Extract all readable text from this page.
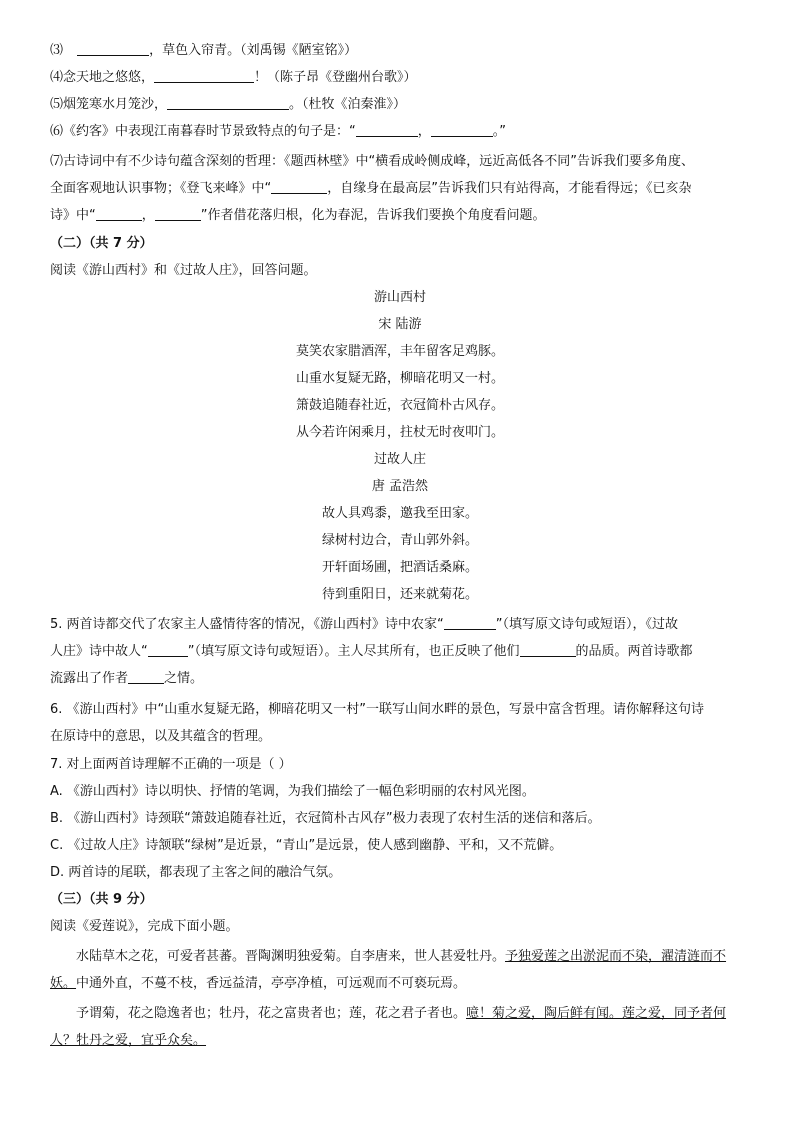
⑶	，草色入帘青。（刘禹锡《陋室铭》）
⑷念天地之悠悠，	！（陈子昂《登幽州台歌》）
⑸烟笼寒水月笼沙，	。（杜牧《泊秦淮》）
⑹《约客》中表现江南暮春时节景致特点的句子是：“	，	。”
⑺古诗词中有不少诗句蕴含深刻的哲理：《题西林壁》中“横看成岭侧成峰，远近高低各不同”告诉我们要多角度、
全面客观地认识事物；《登飞来峰》中“	，自缘身在最高层”告诉我们只有站得高，才能看得远；《已亥杂
诗》中“	，	”作者借花落归根，化为春泥，告诉我们要换个角度看问题。
（二）（共 7 分）
阅读《游山西村》和《过故人庄》，回答问题。
游山西村
宋 陆游
莫笑农家腊酒浑，丰年留客足鸡豚。
山重水复疑无路，柳暗花明又一村。
箫鼓追随春社近，衣冠简朴古风存。
从今若许闲乘月，拄杖无时夜叩门。
过故人庄
唐 孟浩然
故人具鸡黍，邀我至田家。
绿树村边合，青山郭外斜。
开轩面场圃，把酒话桑麻。
待到重阳日，还来就菊花。
5. 两首诗都交代了农家主人盛情待客的情况，《游山西村》诗中农家“	”（填写原文诗句或短语），《过故
人庄》诗中故人“	”（填写原文诗句或短语）。主人尽其所有，也正反映了他们	的品质。两首诗歌都
流露出了作者	之情。
6. 《游山西村》中“山重水复疑无路，柳暗花明又一村”一联写山间水畔的景色，写景中富含哲理。请你解释这句诗
在原诗中的意思，以及其蕴含的哲理。
7. 对上面两首诗理解不正确的一项是（ ）
A. 《游山西村》诗以明快、抒情的笔调，为我们描绘了一幅色彩明丽的农村风光图。
B. 《游山西村》诗颈联“箫鼓追随春社近，衣冠简朴古风存”极力表现了农村生活的迷信和落后。
C. 《过故人庄》诗颔联“绿树”是近景，“青山”是远景，使人感到幽静、平和，又不荒僻。
D. 两首诗的尾联，都表现了主客之间的融洽气氛。
（三）（共 9 分）
阅读《爱莲说》，完成下面小题。
水陆草木之花，可爱者甚蕃。晋陶渊明独爱菊。自李唐来，世人甚爱牡丹。予独爱莲之出淤泥而不染，濯清涟而不妖。中通外直，不蔓不枝，香远益清，亭亭净植，可远观而不可亵玩焉。
予谓菊，花之隐逸者也；牡丹，花之富贵者也；莲，花之君子者也。噫！菊之爱，陶后鲜有闻。莲之爱，同予者何人？牡丹之爱，宜乎众矣。
